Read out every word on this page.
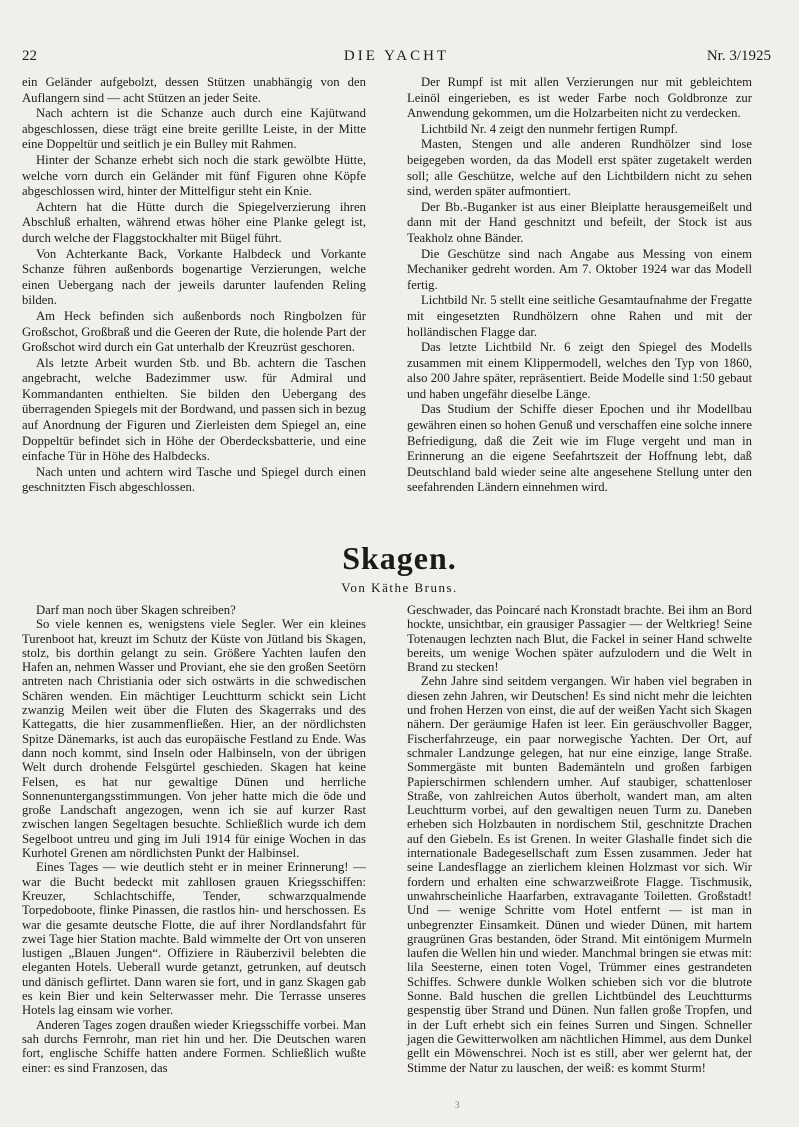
22	DIE YACHT	Nr. 3/1925

ein Geländer aufgebolzt, dessen Stützen unabhängig von den Auflangern sind — acht Stützen an jeder Seite.

Nach achtern ist die Schanze auch durch eine Kajütwand abgeschlossen, diese trägt eine breite gerillte Leiste, in der Mitte eine Doppeltür und seitlich je ein Bulley mit Rahmen.

Hinter der Schanze erhebt sich noch die stark gewölbte Hütte, welche vorn durch ein Geländer mit fünf Figuren ohne Köpfe abgeschlossen wird, hinter der Mittelfigur steht ein Knie.

Achtern hat die Hütte durch die Spiegelverzierung ihren Abschluß erhalten, während etwas höher eine Planke gelegt ist, durch welche der Flaggstockhalter mit Bügel führt.

Von Achterkante Back, Vorkante Halbdeck und Vorkante Schanze führen außenbords bogenartige Verzierungen, welche einen Uebergang nach der jeweils darunter laufenden Reling bilden.

Am Heck befinden sich außenbords noch Ringbolzen für Großschot, Großbraß und die Geeren der Rute, die holende Part der Großschot wird durch ein Gat unterhalb der Kreuzrüst geschoren.

Als letzte Arbeit wurden Stb. und Bb. achtern die Taschen angebracht, welche Badezimmer usw. für Admiral und Kommandanten enthielten. Sie bilden den Uebergang des überragenden Spiegels mit der Bordwand, und passen sich in bezug auf Anordnung der Figuren und Zierleisten dem Spiegel an, eine Doppeltür befindet sich in Höhe der Oberdecksbatterie, und eine einfache Tür in Höhe des Halbdecks.

Nach unten und achtern wird Tasche und Spiegel durch einen geschnitzten Fisch abgeschlossen.

Der Rumpf ist mit allen Verzierungen nur mit gebleichtem Leinöl eingerieben, es ist weder Farbe noch Goldbronze zur Anwendung gekommen, um die Holzarbeiten nicht zu verdecken.

Lichtbild Nr. 4 zeigt den nunmehr fertigen Rumpf.

Masten, Stengen und alle anderen Rundhölzer sind lose beigegeben worden, da das Modell erst später zugetakelt werden soll; alle Geschütze, welche auf den Lichtbildern nicht zu sehen sind, werden später aufmontiert.

Der Bb.-Buganker ist aus einer Bleiplatte herausgemeißelt und dann mit der Hand geschnitzt und befeilt, der Stock ist aus Teakholz ohne Bänder.

Die Geschütze sind nach Angabe aus Messing von einem Mechaniker gedreht worden. Am 7. Oktober 1924 war das Modell fertig.

Lichtbild Nr. 5 stellt eine seitliche Gesamtaufnahme der Fregatte mit eingesetzten Rundhölzern ohne Rahen und mit der holländischen Flagge dar.

Das letzte Lichtbild Nr. 6 zeigt den Spiegel des Modells zusammen mit einem Klippermodell, welches den Typ von 1860, also 200 Jahre später, repräsentiert. Beide Modelle sind 1:50 gebaut und haben ungefähr dieselbe Länge.

Das Studium der Schiffe dieser Epochen und ihr Modellbau gewähren einen so hohen Genuß und verschaffen eine solche innere Befriedigung, daß die Zeit wie im Fluge vergeht und man in Erinnerung an die eigene Seefahrtszeit der Hoffnung lebt, daß Deutschland bald wieder seine alte angesehene Stellung unter den seefahrenden Ländern einnehmen wird.

Skagen.
Von Käthe Bruns.

Darf man noch über Skagen schreiben?

So viele kennen es, wenigstens viele Segler. Wer ein kleines Turenboot hat, kreuzt im Schutz der Küste von Jütland bis Skagen, stolz, bis dorthin gelangt zu sein. Größere Yachten laufen den Hafen an, nehmen Wasser und Proviant, ehe sie den großen Seetörn antreten nach Christiania oder sich ostwärts in die schwedischen Schären wenden. Ein mächtiger Leuchtturm schickt sein Licht zwanzig Meilen weit über die Fluten des Skagerraks und des Kattegatts, die hier zusammenfließen. Hier, an der nördlichsten Spitze Dänemarks, ist auch das europäische Festland zu Ende. Was dann noch kommt, sind Inseln oder Halbinseln, von der übrigen Welt durch drohende Felsgürtel geschieden. Skagen hat keine Felsen, es hat nur gewaltige Dünen und herrliche Sonnenuntergangsstimmungen. Von jeher hatte mich die öde und große Landschaft angezogen, wenn ich sie auf kurzer Rast zwischen langen Segeltagen besuchte. Schließlich wurde ich dem Segelboot untreu und ging im Juli 1914 für einige Wochen in das Kurhotel Grenen am nördlichsten Punkt der Halbinsel.

Eines Tages — wie deutlich steht er in meiner Erinnerung! — war die Bucht bedeckt mit zahllosen grauen Kriegsschiffen: Kreuzer, Schlachtschiffe, Tender, schwarzqualmende Torpedoboote, flinke Pinassen, die rastlos hin- und herschossen. Es war die gesamte deutsche Flotte, die auf ihrer Nordlandsfahrt für zwei Tage hier Station machte. Bald wimmelte der Ort von unseren lustigen „Blauen Jungen“. Offiziere in Räuberzivil belebten die eleganten Hotels. Ueberall wurde getanzt, getrunken, auf deutsch und dänisch geflirtet. Dann waren sie fort, und in ganz Skagen gab es kein Bier und kein Selterwasser mehr. Die Terrasse unseres Hotels lag einsam wie vorher.

Anderen Tages zogen draußen wieder Kriegsschiffe vorbei. Man sah durchs Fernrohr, man riet hin und her. Die Deutschen waren fort, englische Schiffe hatten andere Formen. Schließlich wußte einer: es sind Franzosen, das

Geschwader, das Poincaré nach Kronstadt brachte. Bei ihm an Bord hockte, unsichtbar, ein grausiger Passagier — der Weltkrieg! Seine Totenaugen lechzten nach Blut, die Fackel in seiner Hand schwelte bereits, um wenige Wochen später aufzulodern und die Welt in Brand zu stecken!

Zehn Jahre sind seitdem vergangen. Wir haben viel begraben in diesen zehn Jahren, wir Deutschen! Es sind nicht mehr die leichten und frohen Herzen von einst, die auf der weißen Yacht sich Skagen nähern. Der geräumige Hafen ist leer. Ein geräuschvoller Bagger, Fischerfahrzeuge, ein paar norwegische Yachten. Der Ort, auf schmaler Landzunge gelegen, hat nur eine einzige, lange Straße. Sommergäste mit bunten Bademänteln und großen farbigen Papierschirmen schlendern umher. Auf staubiger, schattenloser Straße, von zahlreichen Autos überholt, wandert man, am alten Leuchtturm vorbei, auf den gewaltigen neuen Turm zu. Daneben erheben sich Holzbauten in nordischem Stil, geschnitzte Drachen auf den Giebeln. Es ist Grenen. In weiter Glashalle findet sich die internationale Badegesellschaft zum Essen zusammen. Jeder hat seine Landesflagge an zierlichem kleinen Holzmast vor sich. Wir fordern und erhalten eine schwarzweißrote Flagge. Tischmusik, unwahrscheinliche Haarfarben, extravagante Toiletten. Großstadt! Und — wenige Schritte vom Hotel entfernt — ist man in unbegrenzter Einsamkeit. Dünen und wieder Dünen, mit hartem graugrünen Gras bestanden, öder Strand. Mit eintönigem Murmeln laufen die Wellen hin und wieder. Manchmal bringen sie etwas mit: lila Seesterne, einen toten Vogel, Trümmer eines gestrandeten Schiffes. Schwere dunkle Wolken schieben sich vor die blutrote Sonne. Bald huschen die grellen Lichtbündel des Leuchtturms gespenstig über Strand und Dünen. Nun fallen große Tropfen, und in der Luft erhebt sich ein feines Surren und Singen. Schneller jagen die Gewitterwolken am nächtlichen Himmel, aus dem Dunkel gellt ein Möwenschrei. Noch ist es still, aber wer gelernt hat, der Stimme der Natur zu lauschen, der weiß: es kommt Sturm!

3
